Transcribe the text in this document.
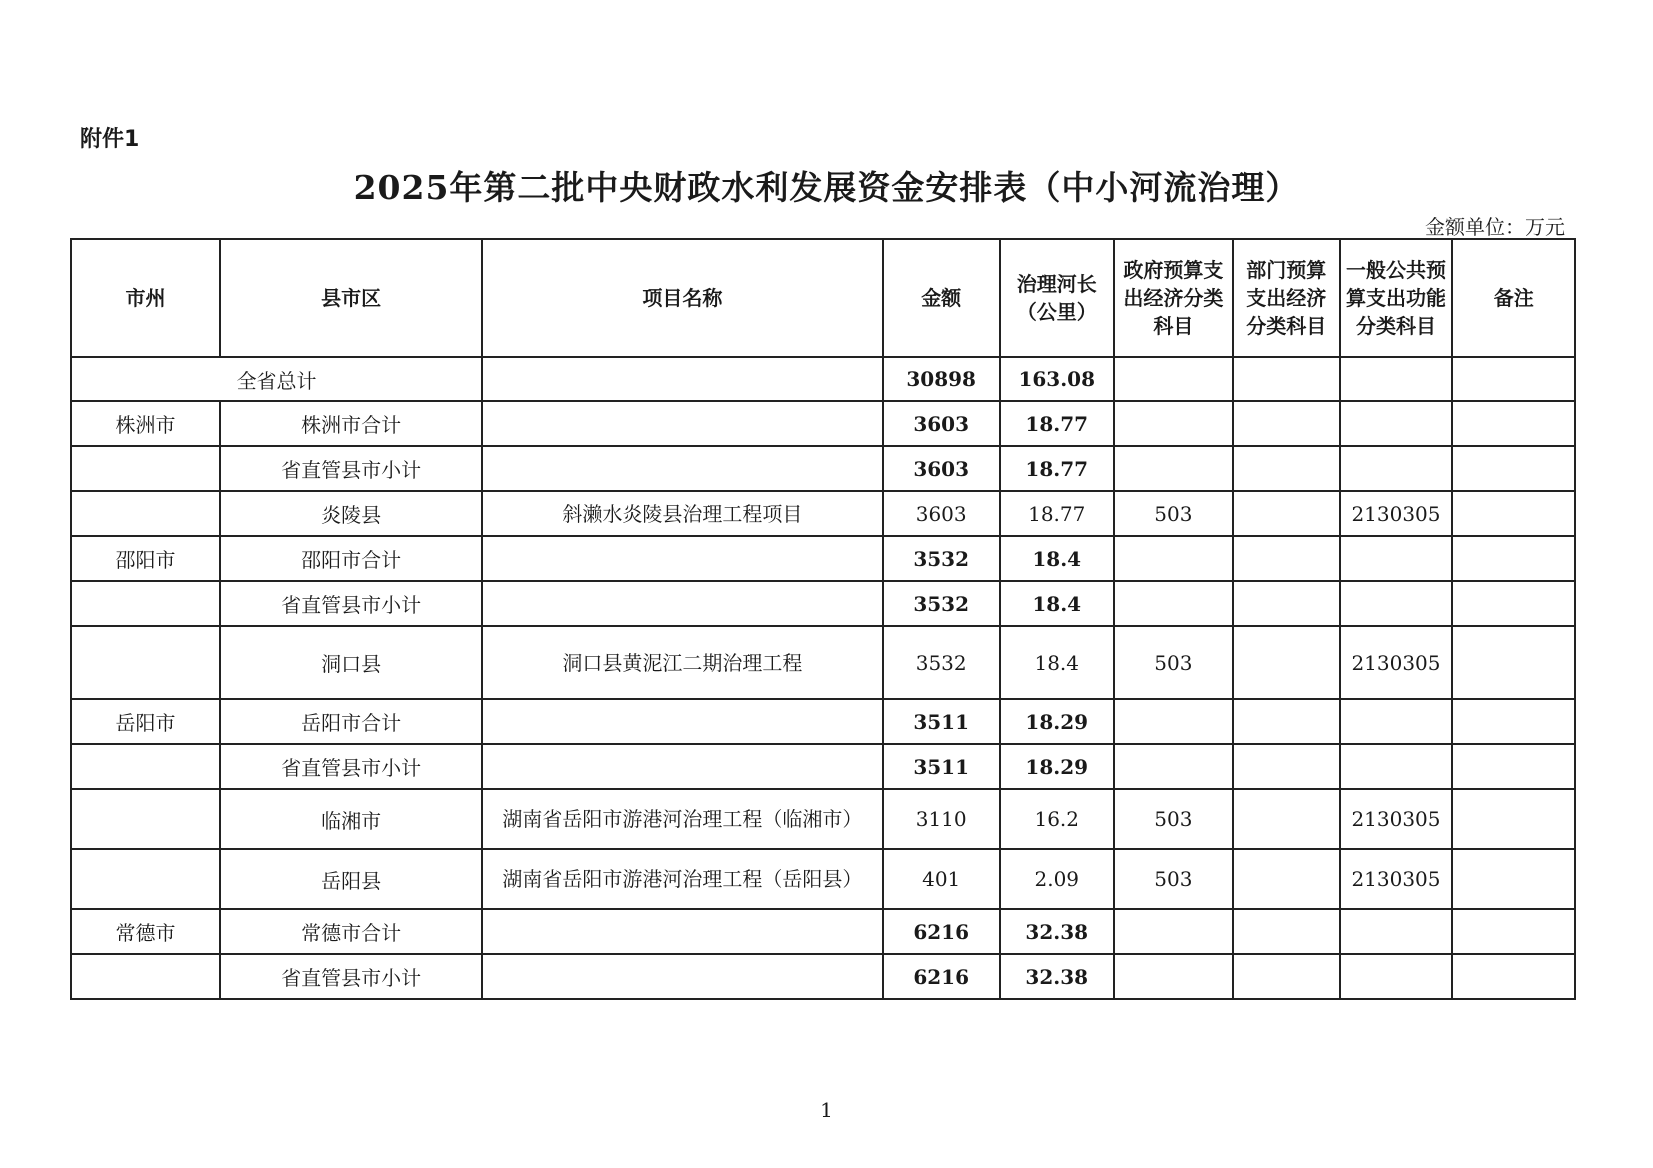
附件1
2025年第二批中央财政水利发展资金安排表（中小河流治理）
金额单位：万元
市州	县市区	项目名称	金额	治理河长（公里）	政府预算支出经济分类科目	部门预算支出经济分类科目	一般公共预算支出功能分类科目	备注
全省总计			30898	163.08				
株洲市	株洲市合计		3603	18.77				
	省直管县市小计		3603	18.77				
	炎陵县	斜濑水炎陵县治理工程项目	3603	18.77	503		2130305	
邵阳市	邵阳市合计		3532	18.4				
	省直管县市小计		3532	18.4				
	洞口县	洞口县黄泥江二期治理工程	3532	18.4	503		2130305	
岳阳市	岳阳市合计		3511	18.29				
	省直管县市小计		3511	18.29				
	临湘市	湖南省岳阳市游港河治理工程（临湘市）	3110	16.2	503		2130305	
	岳阳县	湖南省岳阳市游港河治理工程（岳阳县）	401	2.09	503		2130305	
常德市	常德市合计		6216	32.38				
	省直管县市小计		6216	32.38				
1
